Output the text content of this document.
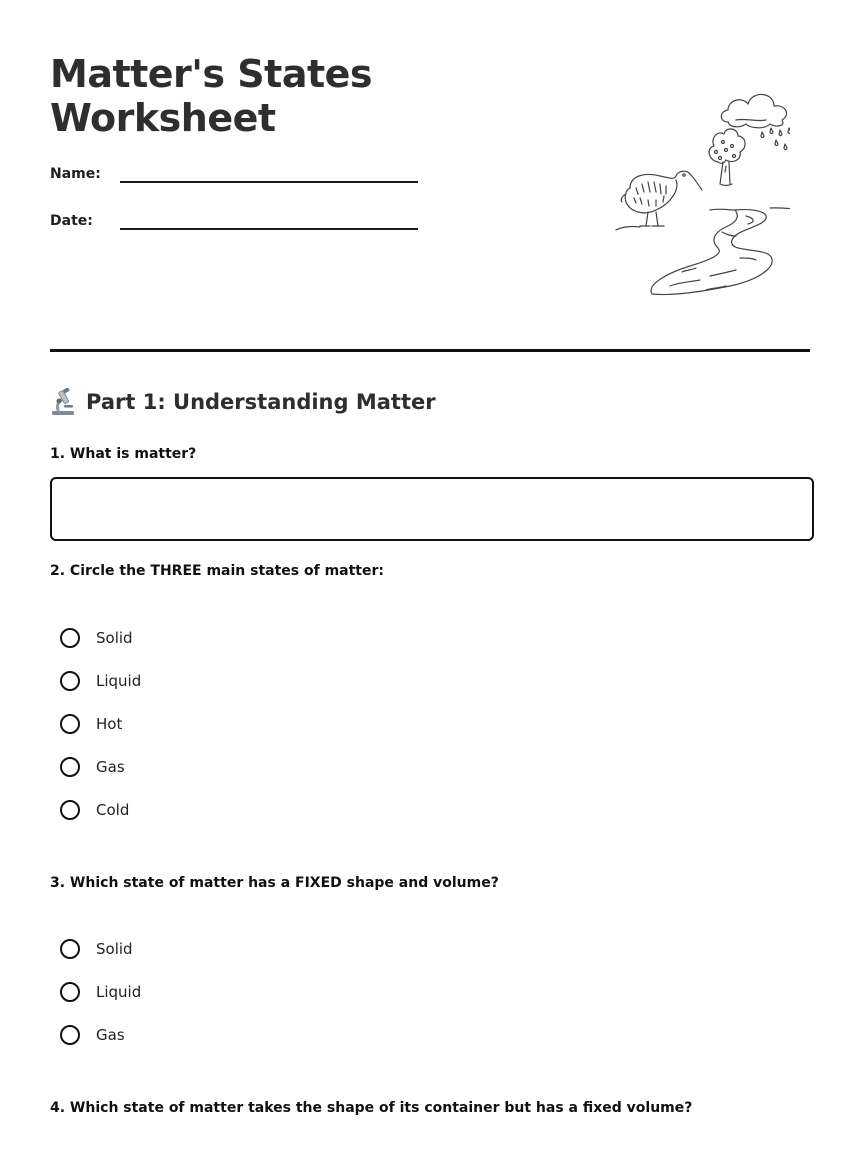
Matter's States
Worksheet
Name:
Date:
Part 1: Understanding Matter
1. What is matter?
2. Circle the THREE main states of matter:
Solid
Liquid
Hot
Gas
Cold
3. Which state of matter has a FIXED shape and volume?
Solid
Liquid
Gas
4. Which state of matter takes the shape of its container but has a fixed volume?
